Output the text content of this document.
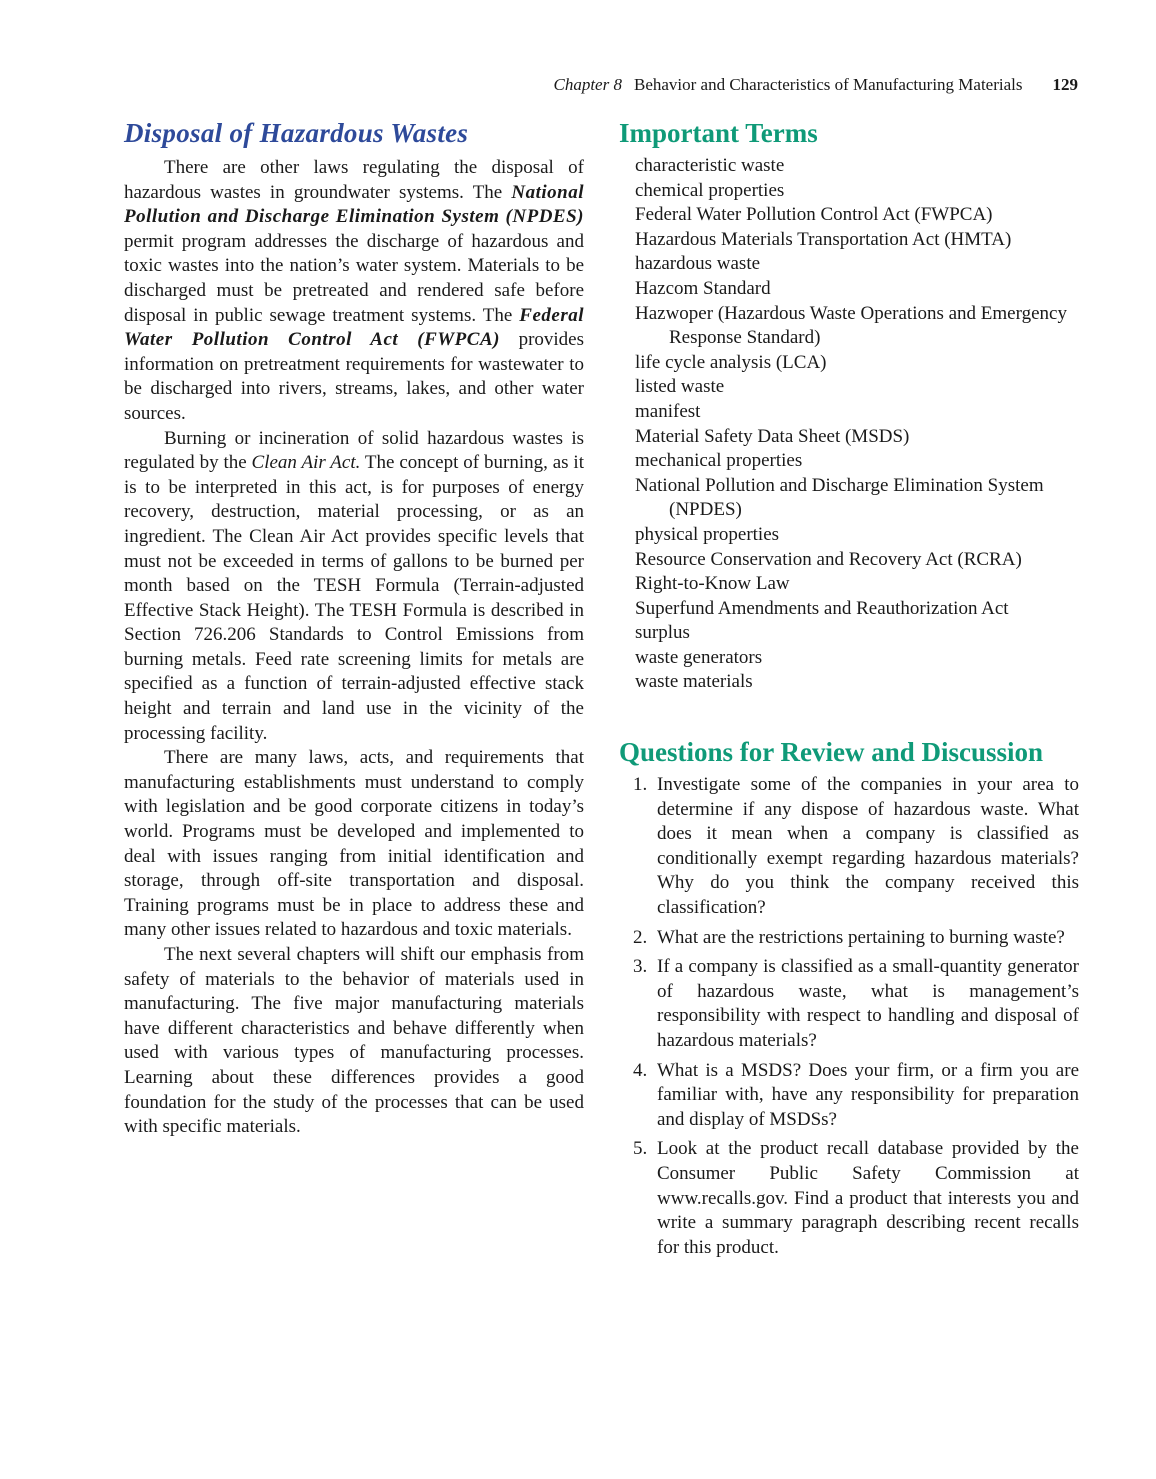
Chapter 8 Behavior and Characteristics of Manufacturing Materials 129
Disposal of Hazardous Wastes

There are other laws regulating the disposal of hazardous wastes in groundwater systems. The National Pollution and Discharge Elimination System (NPDES) permit program addresses the discharge of hazardous and toxic wastes into the nation’s water system. Materials to be discharged must be pretreated and rendered safe before disposal in public sewage treatment systems. The Federal Water Pollution Control Act (FWPCA) provides information on pretreatment requirements for wastewater to be discharged into rivers, streams, lakes, and other water sources.

Burning or incineration of solid hazardous wastes is regulated by the Clean Air Act. The concept of burning, as it is to be interpreted in this act, is for purposes of energy recovery, destruction, material processing, or as an ingredient. The Clean Air Act provides specific levels that must not be exceeded in terms of gallons to be burned per month based on the TESH Formula (Terrain-adjusted Effective Stack Height). The TESH Formula is described in Section 726.206 Standards to Control Emissions from burning metals. Feed rate screening limits for metals are specified as a function of terrain-adjusted effective stack height and terrain and land use in the vicinity of the processing facility.

There are many laws, acts, and requirements that manufacturing establishments must understand to comply with legislation and be good corporate citizens in today’s world. Programs must be developed and implemented to deal with issues ranging from initial identification and storage, through off-site transportation and disposal. Training programs must be in place to address these and many other issues related to hazardous and toxic materials.

The next several chapters will shift our emphasis from safety of materials to the behavior of materials used in manufacturing. The five major manufacturing materials have different characteristics and behave differently when used with various types of manufacturing processes. Learning about these differences provides a good foundation for the study of the processes that can be used with specific materials.

Important Terms
characteristic waste
chemical properties
Federal Water Pollution Control Act (FWPCA)
Hazardous Materials Transportation Act (HMTA)
hazardous waste
Hazcom Standard
Hazwoper (Hazardous Waste Operations and Emergency Response Standard)
life cycle analysis (LCA)
listed waste
manifest
Material Safety Data Sheet (MSDS)
mechanical properties
National Pollution and Discharge Elimination System (NPDES)
physical properties
Resource Conservation and Recovery Act (RCRA)
Right-to-Know Law
Superfund Amendments and Reauthorization Act
surplus
waste generators
waste materials
Questions for Review and Discussion
1. Investigate some of the companies in your area to determine if any dispose of hazardous waste. What does it mean when a company is classified as conditionally exempt regarding hazardous materials? Why do you think the company received this classification?
2. What are the restrictions pertaining to burning waste?
3. If a company is classified as a small-quantity generator of hazardous waste, what is management’s responsibility with respect to handling and disposal of hazardous materials?
4. What is a MSDS? Does your firm, or a firm you are familiar with, have any responsibility for preparation and display of MSDSs?
5. Look at the product recall database provided by the Consumer Public Safety Commission at www.recalls.gov. Find a product that interests you and write a summary paragraph describing recent recalls for this product.
